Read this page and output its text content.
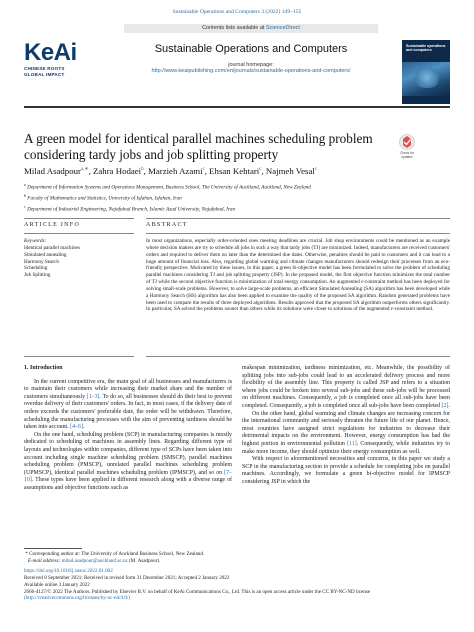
Sustainable Operations and Computers 3 (2022) 149–155
KeAi
CHINESE ROOTS
GLOBAL IMPACT
Contents lists available at ScienceDirect
Sustainable Operations and Computers
journal homepage:
http://www.keaipublishing.com/en/journals/sustainable-operations-and-computers/
Sustainable operations and computers
A green model for identical parallel machines scheduling problem considering tardy jobs and job splitting property	Check for
updates
Milad Asadpour$^{a,∗}$, Zahra Hodaei$^b$, Marzieh Azami$^c$, Ehsan Kehtari$^c$, Najmeh Vesal$^c$
$^a$ Department of Information Systems and Operations Management, Business School, The University of Auckland, Auckland, New Zealand
$^b$ Faculty of Mathematics and Statistics, University of Isfahan, Isfahan, Iran
$^c$ Department of Industrial Engineering, Najafabad Branch, Islamic Azad University, Najafabad, Iran
ARTICLE INFO	ABSTRACT
Keywords:
Identical parallel machines
Simulated annealing
Harmony Search
Scheduling
Job Splitting
In most organizations, especially order-oriented ones meeting deadlines are crucial. Job shop environments could be mentioned as an example where decision makers are try to schedule all jobs in such a way that tardy jobs (TJ) are minimized. Indeed, manufacturers are received customers' orders and required to deliver them no later than the determined due dates. Otherwise, penalties should be paid to customers and it can lead to a huge amount of financial loss. Also, regarding global warming and climate changes manufacturers should redesign their processes from an eco-friendly perspective. Motivated by these issues, in this paper, a green bi-objective model has been formulated to solve the problem of scheduling parallel machines considering TJ and job splitting property (JSP). In the proposed model, the first objective function minimizes the total number of TJ while the second objective function is minimization of total energy consumption. An augmented ε-constraint method has been deployed for solving small-scale problems. However, to solve large-scale problems, an efficient Simulated Annealing (SA) algorithm has been developed while a Harmony Search (HS) algorithm has also been applied to examine the quality of the proposed SA algorithm. Random generated problems have been used to compare the results of three deployed algorithms. Results approved that the proposed SA algorithm outperforms others significantly. In particular, SA solved the problems sooner than others while its solutions were closer to solutions of the augmented ε-constraint method.

1. Introduction

In the current competitive era, the main goal of all businesses and manufacturers is to maintain their customers while increasing their market share and the number of customers simultaneously [1–3]. To do so, all businesses should do their best to prevent overdue delivery of their customers' orders. In fact, in most cases, if the delivery date of orders exceeds the customers' preferable date, the order will be withdrawn. Therefore, scheduling the manufacturing processes with the aim of preventing tardiness should be taken into account. [4–6].

On the one hand, scheduling problem (SCP) in manufacturing companies is mostly dedicated to scheduling of machines in assembly lines. Regarding different type of layouts and technologies within companies, different type of SCPs have been taken into account including single machine scheduling problem (SMSCP), parallel machines scheduling problem (PMSCP), unrelated parallel machines scheduling problem (UPMSCP), identical parallel machines scheduling problem (IPMSCP), and so on [7–10]. These types have been applied in different research along with a diverse range of assumptions and objective functions such as

makespan minimization, tardiness minimization, etc. Meanwhile, the possibility of splitting jobs into sub-jobs could lead to an accelerated delivery process and more flexibility of the assembly line. This property is called JSP and refers to a situation where jobs could be broken into several sub-jobs and these sub-jobs will be processed on different machines. Consequently, a job is completed once all sub-jobs have been completed. Consequently, a job is completed once all sub-jobs have been completed [2].

On the other hand, global warming and climate changes are increasing concern for the international community and seriously threaten the future life of our planet. Hence, most countries have assigned strict regulations for industries to decrease their detrimental impacts on the environment. However, energy consumption has had the highest portion in environmental pollution [11]. Consequently, while industries try to make more income, they should optimize their energy consumption as well.

With respect to aforementioned necessities and concerns, in this paper we study a SCP in the manufacturing section to provide a schedule for completing jobs on parallel machines. Accordingly, we formulate a green bi-objective model for IPMSCP considering JSP in which the

* Corresponding author at: The University of Auckland Business School, New Zealand.
E-mail address: milad.asadpour@auckland.ac.nz (M. Asadpour).
https://doi.org/10.1016/j.susoc.2022.01.002
Received 8 September 2021; Received in revised form 31 December 2021; Accepted 2 January 2022
Available online 3 January 2022
2666-4127/© 2022 The Authors. Published by Elsevier B.V. on behalf of KeAi Communications Co., Ltd. This is an open access article under the CC BY-NC-ND license
(http://creativecommons.org/licenses/by-nc-nd/4.0/)
